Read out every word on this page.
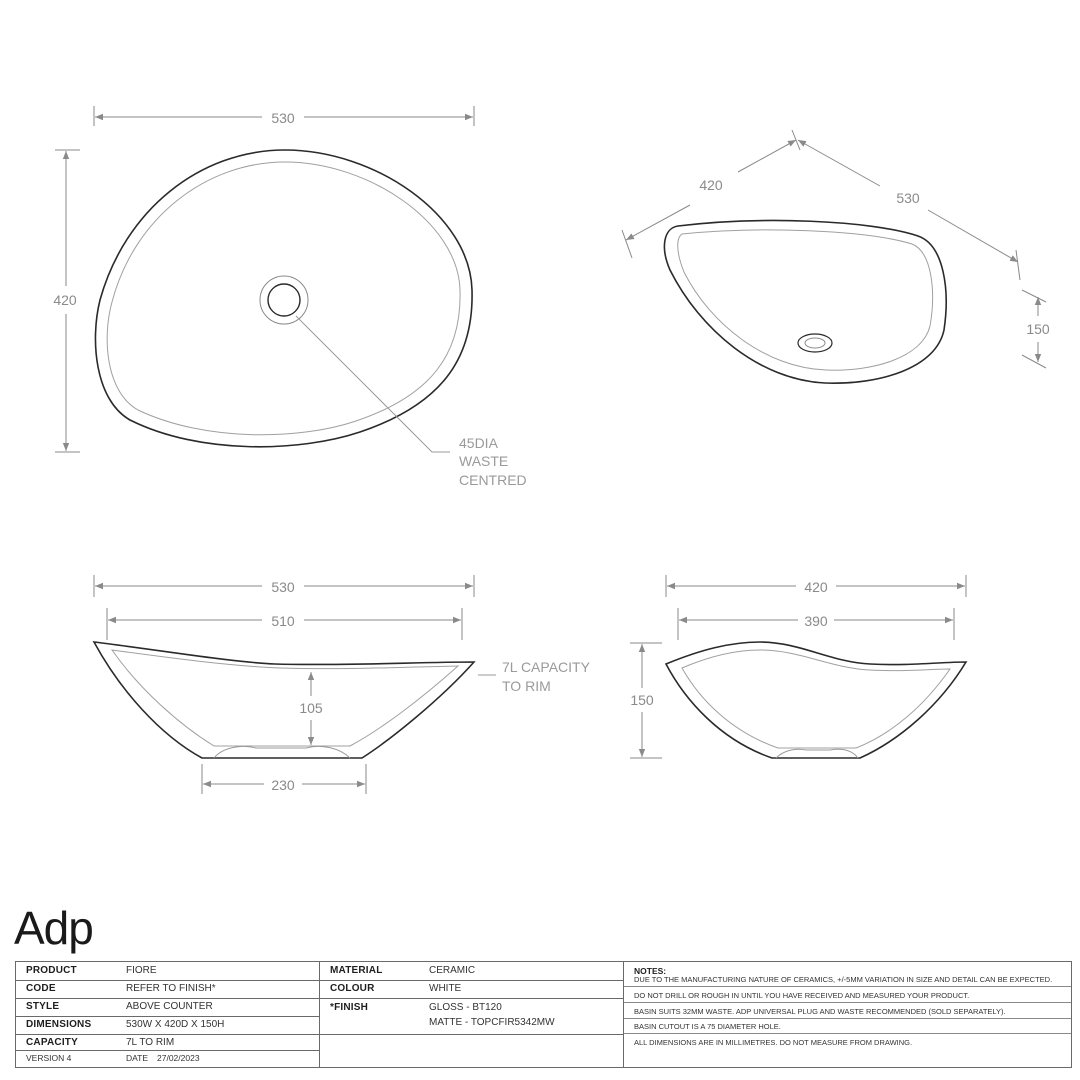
530
420
45DIA
WASTE
CENTRED
420
530
150
530
510
105
230
7L CAPACITY
TO RIM
420
390
150
Adp
PRODUCT	FIORE
CODE	REFER TO FINISH*
STYLE	ABOVE COUNTER
DIMENSIONS	530W X 420D X 150H
CAPACITY	7L TO RIM
VERSION 4	DATE 27/02/2023
MATERIAL	CERAMIC
COLOUR	WHITE
*FINISH	GLOSS - BT120
MATTE - TOPCFIR5342MW
NOTES:
DUE TO THE MANUFACTURING NATURE OF CERAMICS, +/-5MM VARIATION IN SIZE AND DETAIL CAN BE EXPECTED.
DO NOT DRILL OR ROUGH IN UNTIL YOU HAVE RECEIVED AND MEASURED YOUR PRODUCT.
BASIN SUITS 32MM WASTE. ADP UNIVERSAL PLUG AND WASTE RECOMMENDED (SOLD SEPARATELY).
BASIN CUTOUT IS A 75 DIAMETER HOLE.
ALL DIMENSIONS ARE IN MILLIMETRES. DO NOT MEASURE FROM DRAWING.
